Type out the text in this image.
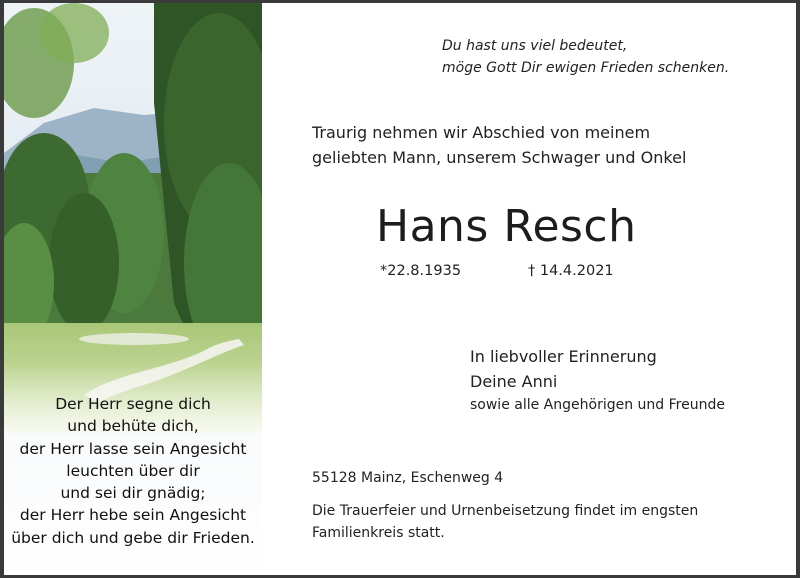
Der Herr segne dich
und behüte dich,
der Herr lasse sein Angesicht
leuchten über dir
und sei dir gnädig;
der Herr hebe sein Angesicht
über dich und gebe dir Frieden.
Du hast uns viel bedeutet,
möge Gott Dir ewigen Frieden schenken.
Traurig nehmen wir Abschied von meinem
geliebten Mann, unserem Schwager und Onkel
Hans Resch
*22.8.1935	† 14.4.2021
In liebvoller Erinnerung
Deine Anni
sowie alle Angehörigen und Freunde
55128 Mainz, Eschenweg 4
Die Trauerfeier und Urnenbeisetzung findet im engsten
Familienkreis statt.
